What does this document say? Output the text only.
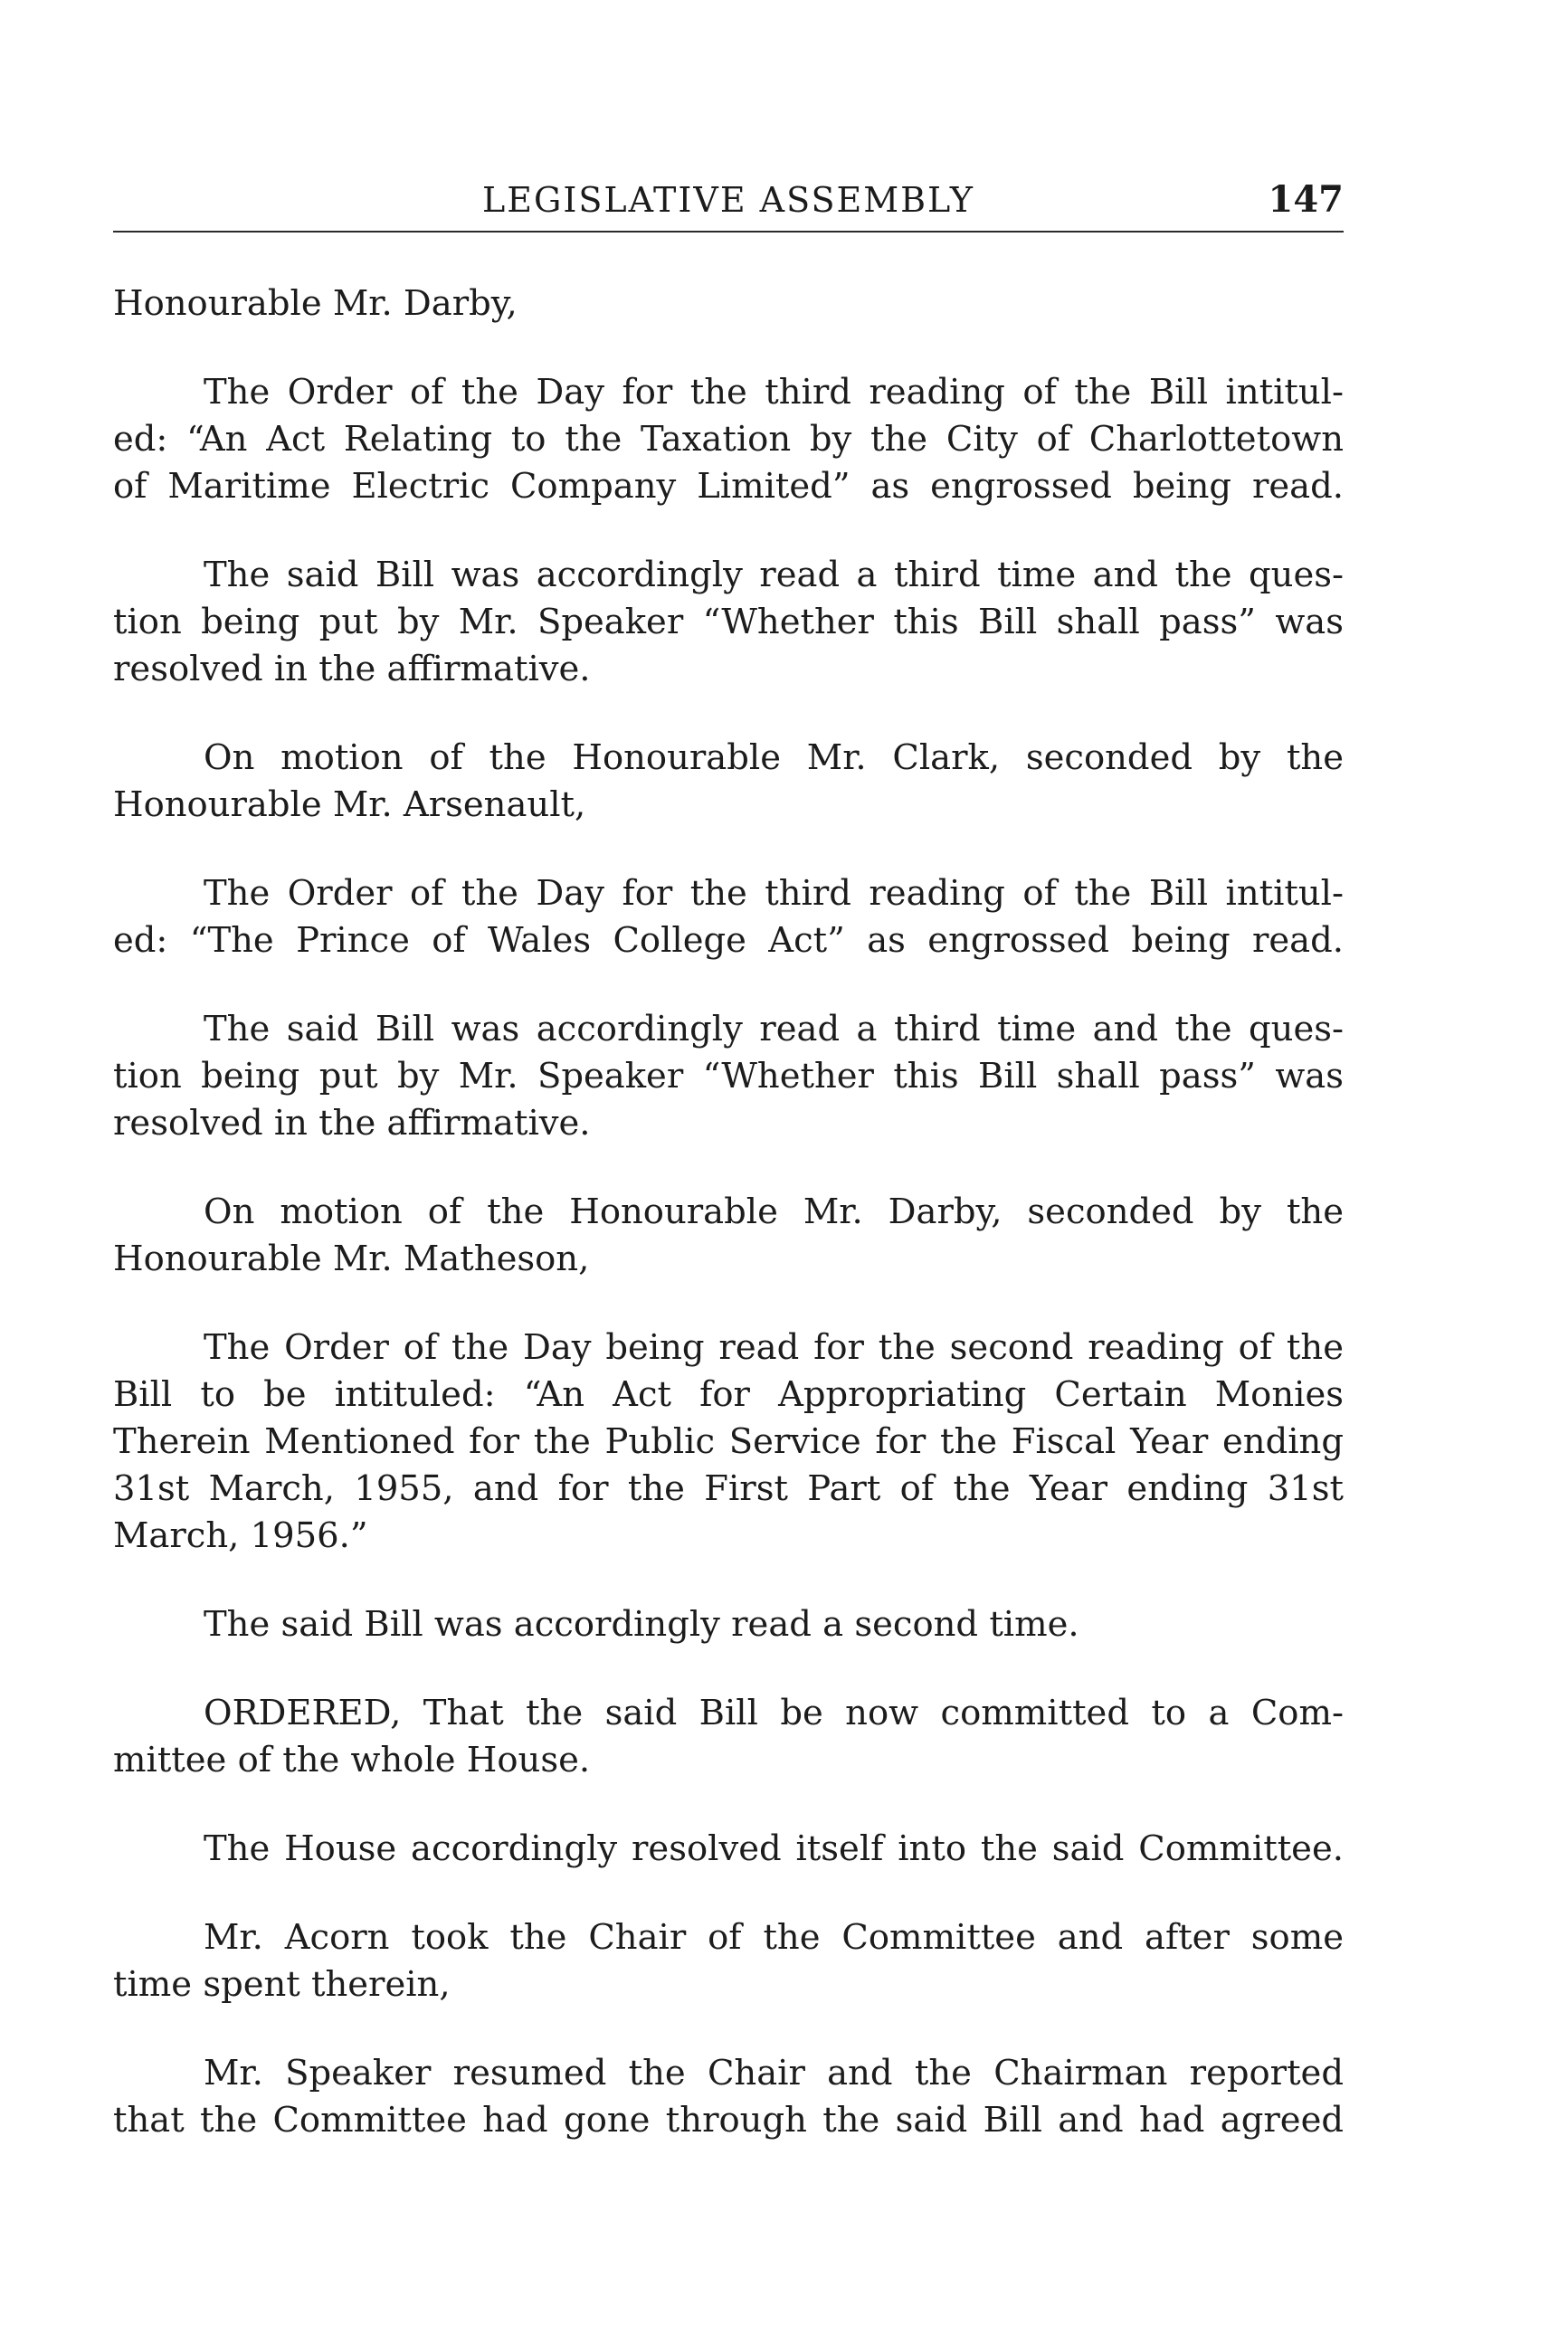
LEGISLATIVE ASSEMBLY	147

Honourable Mr. Darby,

The Order of the Day for the third reading of the Bill intitul-
ed: “An Act Relating to the Taxation by the City of Charlottetown
of Maritime Electric Company Limited” as engrossed being read.

The said Bill was accordingly read a third time and the ques-
tion being put by Mr. Speaker “Whether this Bill shall pass” was
resolved in the affirmative.

On motion of the Honourable Mr. Clark, seconded by the
Honourable Mr. Arsenault,

The Order of the Day for the third reading of the Bill intitul-
ed: “The Prince of Wales College Act” as engrossed being read.

The said Bill was accordingly read a third time and the ques-
tion being put by Mr. Speaker “Whether this Bill shall pass” was
resolved in the affirmative.

On motion of the Honourable Mr. Darby, seconded by the
Honourable Mr. Matheson,

The Order of the Day being read for the second reading of the
Bill to be intituled: “An Act for Appropriating Certain Monies
Therein Mentioned for the Public Service for the Fiscal Year ending
31st March, 1955, and for the First Part of the Year ending 31st
March, 1956.”

The said Bill was accordingly read a second time.

ORDERED, That the said Bill be now committed to a Com-
mittee of the whole House.

The House accordingly resolved itself into the said Committee.

Mr. Acorn took the Chair of the Committee and after some
time spent therein,

Mr. Speaker resumed the Chair and the Chairman reported
that the Committee had gone through the said Bill and had agreed
